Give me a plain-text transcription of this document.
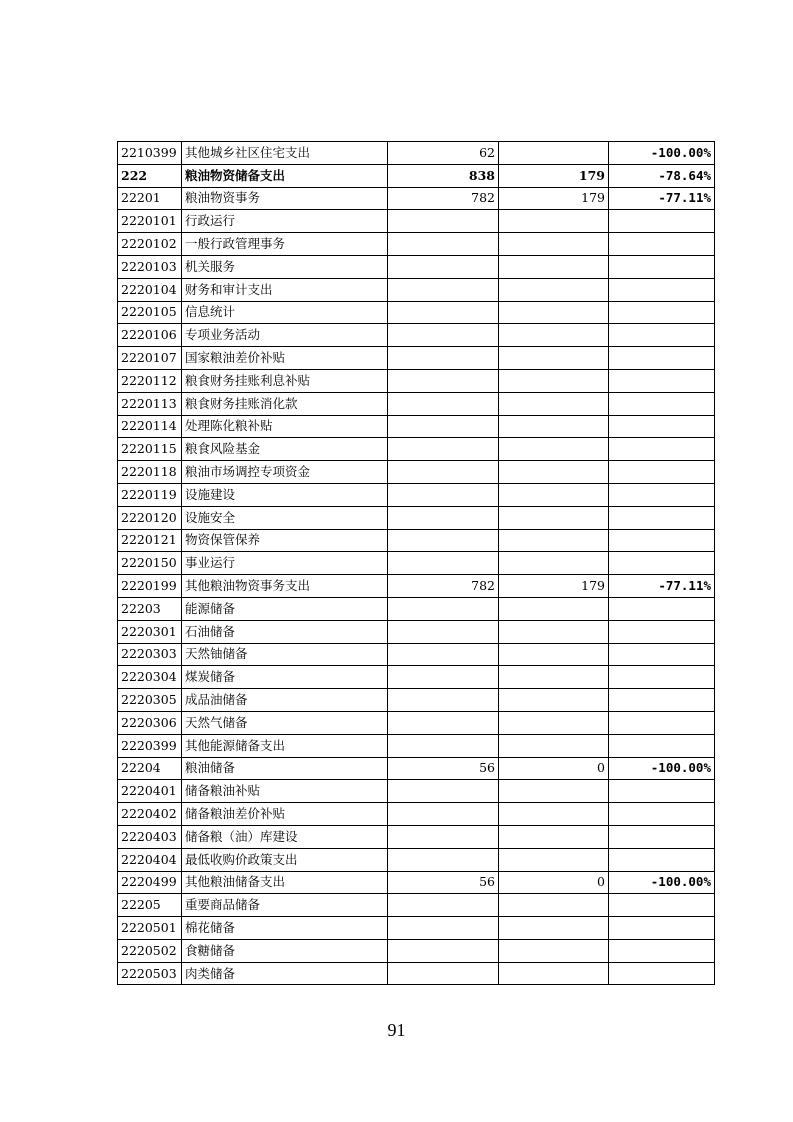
2210399	其他城乡社区住宅支出	62		-100.00%
222	粮油物资储备支出	838	179	-78.64%
22201	粮油物资事务	782	179	-77.11%
2220101	行政运行			
2220102	一般行政管理事务			
2220103	机关服务			
2220104	财务和审计支出			
2220105	信息统计			
2220106	专项业务活动			
2220107	国家粮油差价补贴			
2220112	粮食财务挂账利息补贴			
2220113	粮食财务挂账消化款			
2220114	处理陈化粮补贴			
2220115	粮食风险基金			
2220118	粮油市场调控专项资金			
2220119	设施建设			
2220120	设施安全			
2220121	物资保管保养			
2220150	事业运行			
2220199	其他粮油物资事务支出	782	179	-77.11%
22203	能源储备			
2220301	石油储备			
2220303	天然铀储备			
2220304	煤炭储备			
2220305	成品油储备			
2220306	天然气储备			
2220399	其他能源储备支出			
22204	粮油储备	56	0	-100.00%
2220401	储备粮油补贴			
2220402	储备粮油差价补贴			
2220403	储备粮（油）库建设			
2220404	最低收购价政策支出			
2220499	其他粮油储备支出	56	0	-100.00%
22205	重要商品储备			
2220501	棉花储备			
2220502	食糖储备			
2220503	肉类储备			
91
